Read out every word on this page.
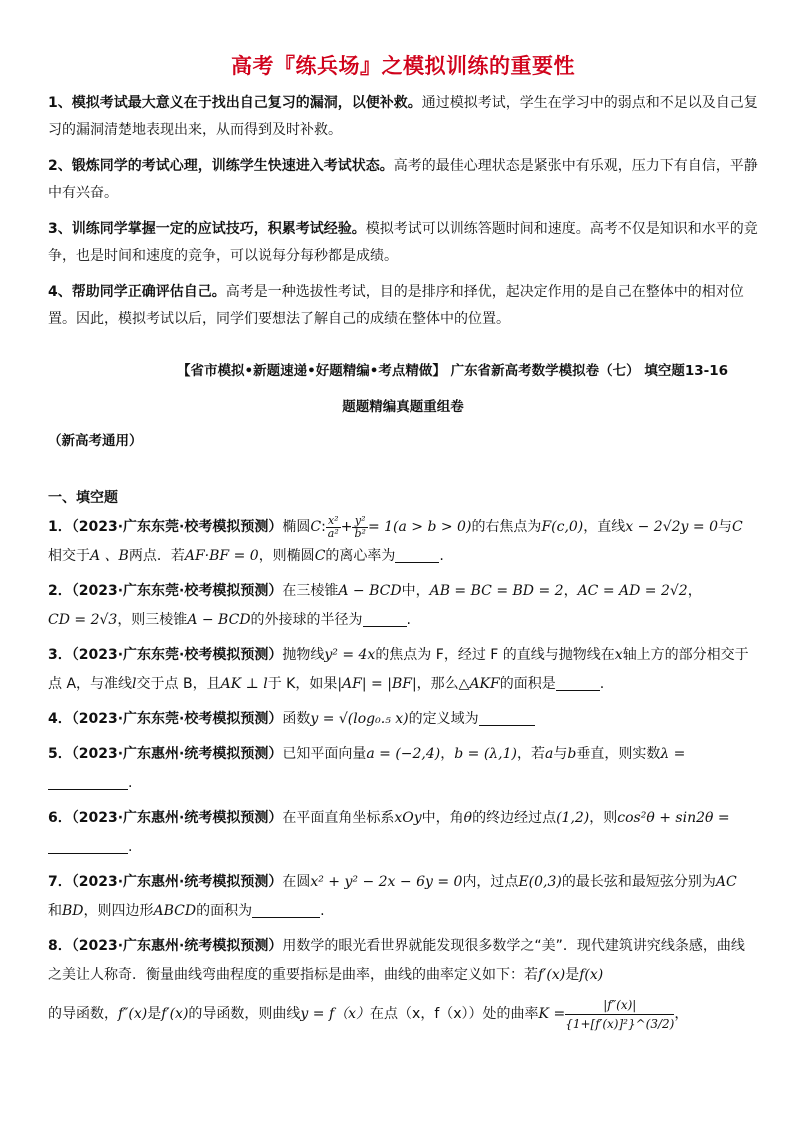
高考『练兵场』之模拟训练的重要性

1、模拟考试最大意义在于找出自己复习的漏洞，以便补救。通过模拟考试，学生在学习中的弱点和不足以及自己复习的漏洞清楚地表现出来，从而得到及时补救。

2、锻炼同学的考试心理，训练学生快速进入考试状态。高考的最佳心理状态是紧张中有乐观，压力下有自信，平静中有兴奋。

3、训练同学掌握一定的应试技巧，积累考试经验。模拟考试可以训练答题时间和速度。高考不仅是知识和水平的竞争，也是时间和速度的竞争，可以说每分每秒都是成绩。

4、帮助同学正确评估自己。高考是一种选拔性考试，目的是排序和择优，起决定作用的是自己在整体中的相对位置。因此，模拟考试以后，同学们要想法了解自己的成绩在整体中的位置。

【省市模拟•新题速递•好题精编•考点精做】 广东省新高考数学模拟卷（七） 填空题13-16
题题精编真题重组卷
（新高考通用）
一、填空题
1．（2023·广东东莞·校考模拟预测）椭圆C: $\frac{\text{x²}}{\text{a²}} + \frac{\text{y²}}{\text{b²}} = 1(a > b > 0)$的右焦点为F(c,0)，直线x − 2√2y = 0与C
相交于A 、B两点．若AF·BF = 0，则椭圆C的离心率为	.
2．（2023·广东东莞·校考模拟预测）在三棱锥A − BCD中，AB = BC = BD = 2，AC = AD = 2√2，
CD = 2√3，则三棱锥A − BCD的外接球的半径为	.
3．（2023·广东东莞·校考模拟预测）抛物线y² = 4x的焦点为 F，经过 F 的直线与抛物线在x轴上方的部分相交于点 A，与准线l交于点 B，且AK ⊥ l于 K，如果|AF| = |BF|，那么△AKF的面积是	.
4．（2023·广东东莞·校考模拟预测）函数y = √(log₀.₅ x)的定义域为
5．（2023·广东惠州·统考模拟预测）已知平面向量a = (−2,4)，b = (λ,1)，若a与b垂直，则实数λ =
.
6．（2023·广东惠州·统考模拟预测）在平面直角坐标系xOy中，角θ的终边经过点(1,2)，则cos²θ + sin2θ =
.
7．（2023·广东惠州·统考模拟预测）在圆x² + y² − 2x − 6y = 0内，过点E(0,3)的最长弦和最短弦分别为AC
和BD，则四边形ABCD的面积为	.
8．（2023·广东惠州·统考模拟预测）用数学的眼光看世界就能发现很多数学之“美”．现代建筑讲究线条感，曲线之美让人称奇．衡量曲线弯曲程度的重要指标是曲率，曲线的曲率定义如下：若f′(x)是f(x)
的导函数，f″(x)是f′(x)的导函数，则曲线y = f（x）在点（x，f（x））处的曲率$K = \frac{|f''(x)|}{\text{\{1+[f′(x)]²\}\textasciicircum{}(3/2)}}$ ，
